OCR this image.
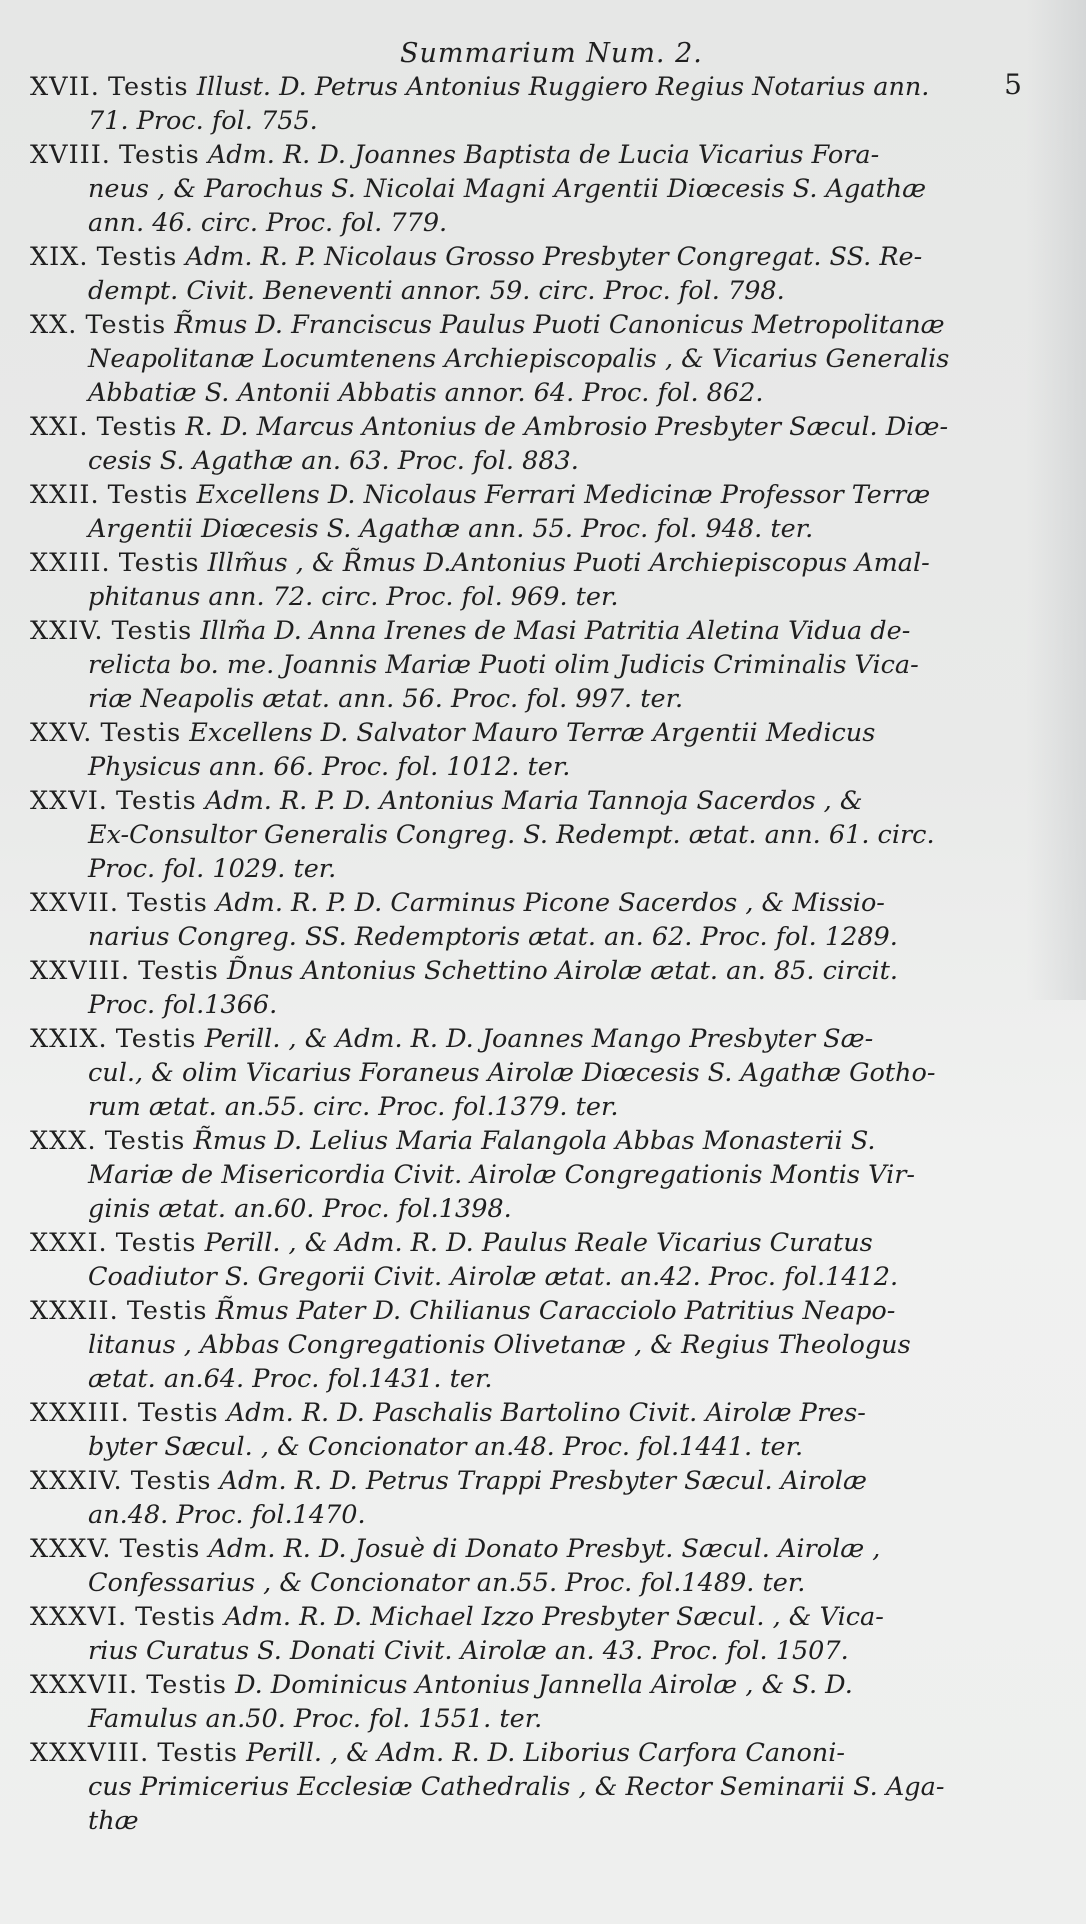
Summarium Num. 2.
5
XVII. Testis Illust. D. Petrus Antonius Ruggiero Regius Notarius ann.
71. Proc. fol. 755.
XVIII. Testis Adm. R. D. Joannes Baptista de Lucia Vicarius Fora-
neus , & Parochus S. Nicolai Magni Argentii Diœcesis S. Agathæ
ann. 46. circ. Proc. fol. 779.
XIX. Testis Adm. R. P. Nicolaus Grosso Presbyter Congregat. SS. Re-
dempt. Civit. Beneventi annor. 59. circ. Proc. fol. 798.
XX. Testis R̃mus D. Franciscus Paulus Puoti Canonicus Metropolitanæ
Neapolitanæ Locumtenens Archiepiscopalis , & Vicarius Generalis
Abbatiæ S. Antonii Abbatis annor. 64. Proc. fol. 862.
XXI. Testis R. D. Marcus Antonius de Ambrosio Presbyter Sæcul. Diœ-
cesis S. Agathæ an. 63. Proc. fol. 883.
XXII. Testis Excellens D. Nicolaus Ferrari Medicinæ Professor Terræ
Argentii Diœcesis S. Agathæ ann. 55. Proc. fol. 948. ter.
XXIII. Testis Illm̃us , & R̃mus D.Antonius Puoti Archiepiscopus Amal-
phitanus ann. 72. circ. Proc. fol. 969. ter.
XXIV. Testis Illm̃a D. Anna Irenes de Masi Patritia Aletina Vidua de-
relicta bo. me. Joannis Mariæ Puoti olim Judicis Criminalis Vica-
riæ Neapolis ætat. ann. 56. Proc. fol. 997. ter.
XXV. Testis Excellens D. Salvator Mauro Terræ Argentii Medicus
Physicus ann. 66. Proc. fol. 1012. ter.
XXVI. Testis Adm. R. P. D. Antonius Maria Tannoja Sacerdos , &
Ex-Consultor Generalis Congreg. S. Redempt. ætat. ann. 61. circ.
Proc. fol. 1029. ter.
XXVII. Testis Adm. R. P. D. Carminus Picone Sacerdos , & Missio-
narius Congreg. SS. Redemptoris ætat. an. 62. Proc. fol. 1289.
XXVIII. Testis D̃nus Antonius Schettino Airolæ ætat. an. 85. circit.
Proc. fol.1366.
XXIX. Testis Perill. , & Adm. R. D. Joannes Mango Presbyter Sæ-
cul., & olim Vicarius Foraneus Airolæ Diœcesis S. Agathæ Gotho-
rum ætat. an.55. circ. Proc. fol.1379. ter.
XXX. Testis R̃mus D. Lelius Maria Falangola Abbas Monasterii S.
Mariæ de Misericordia Civit. Airolæ Congregationis Montis Vir-
ginis ætat. an.60. Proc. fol.1398.
XXXI. Testis Perill. , & Adm. R. D. Paulus Reale Vicarius Curatus
Coadiutor S. Gregorii Civit. Airolæ ætat. an.42. Proc. fol.1412.
XXXII. Testis R̃mus Pater D. Chilianus Caracciolo Patritius Neapo-
litanus , Abbas Congregationis Olivetanæ , & Regius Theologus
ætat. an.64. Proc. fol.1431. ter.
XXXIII. Testis Adm. R. D. Paschalis Bartolino Civit. Airolæ Pres-
byter Sæcul. , & Concionator an.48. Proc. fol.1441. ter.
XXXIV. Testis Adm. R. D. Petrus Trappi Presbyter Sæcul. Airolæ
an.48. Proc. fol.1470.
XXXV. Testis Adm. R. D. Josuè di Donato Presbyt. Sæcul. Airolæ ,
Confessarius , & Concionator an.55. Proc. fol.1489. ter.
XXXVI. Testis Adm. R. D. Michael Izzo Presbyter Sæcul. , & Vica-
rius Curatus S. Donati Civit. Airolæ an. 43. Proc. fol. 1507.
XXXVII. Testis D. Dominicus Antonius Jannella Airolæ , & S. D.
Famulus an.50. Proc. fol. 1551. ter.
XXXVIII. Testis Perill. , & Adm. R. D. Liborius Carfora Canoni-
cus Primicerius Ecclesiæ Cathedralis , & Rector Seminarii S. Aga-
thæ
